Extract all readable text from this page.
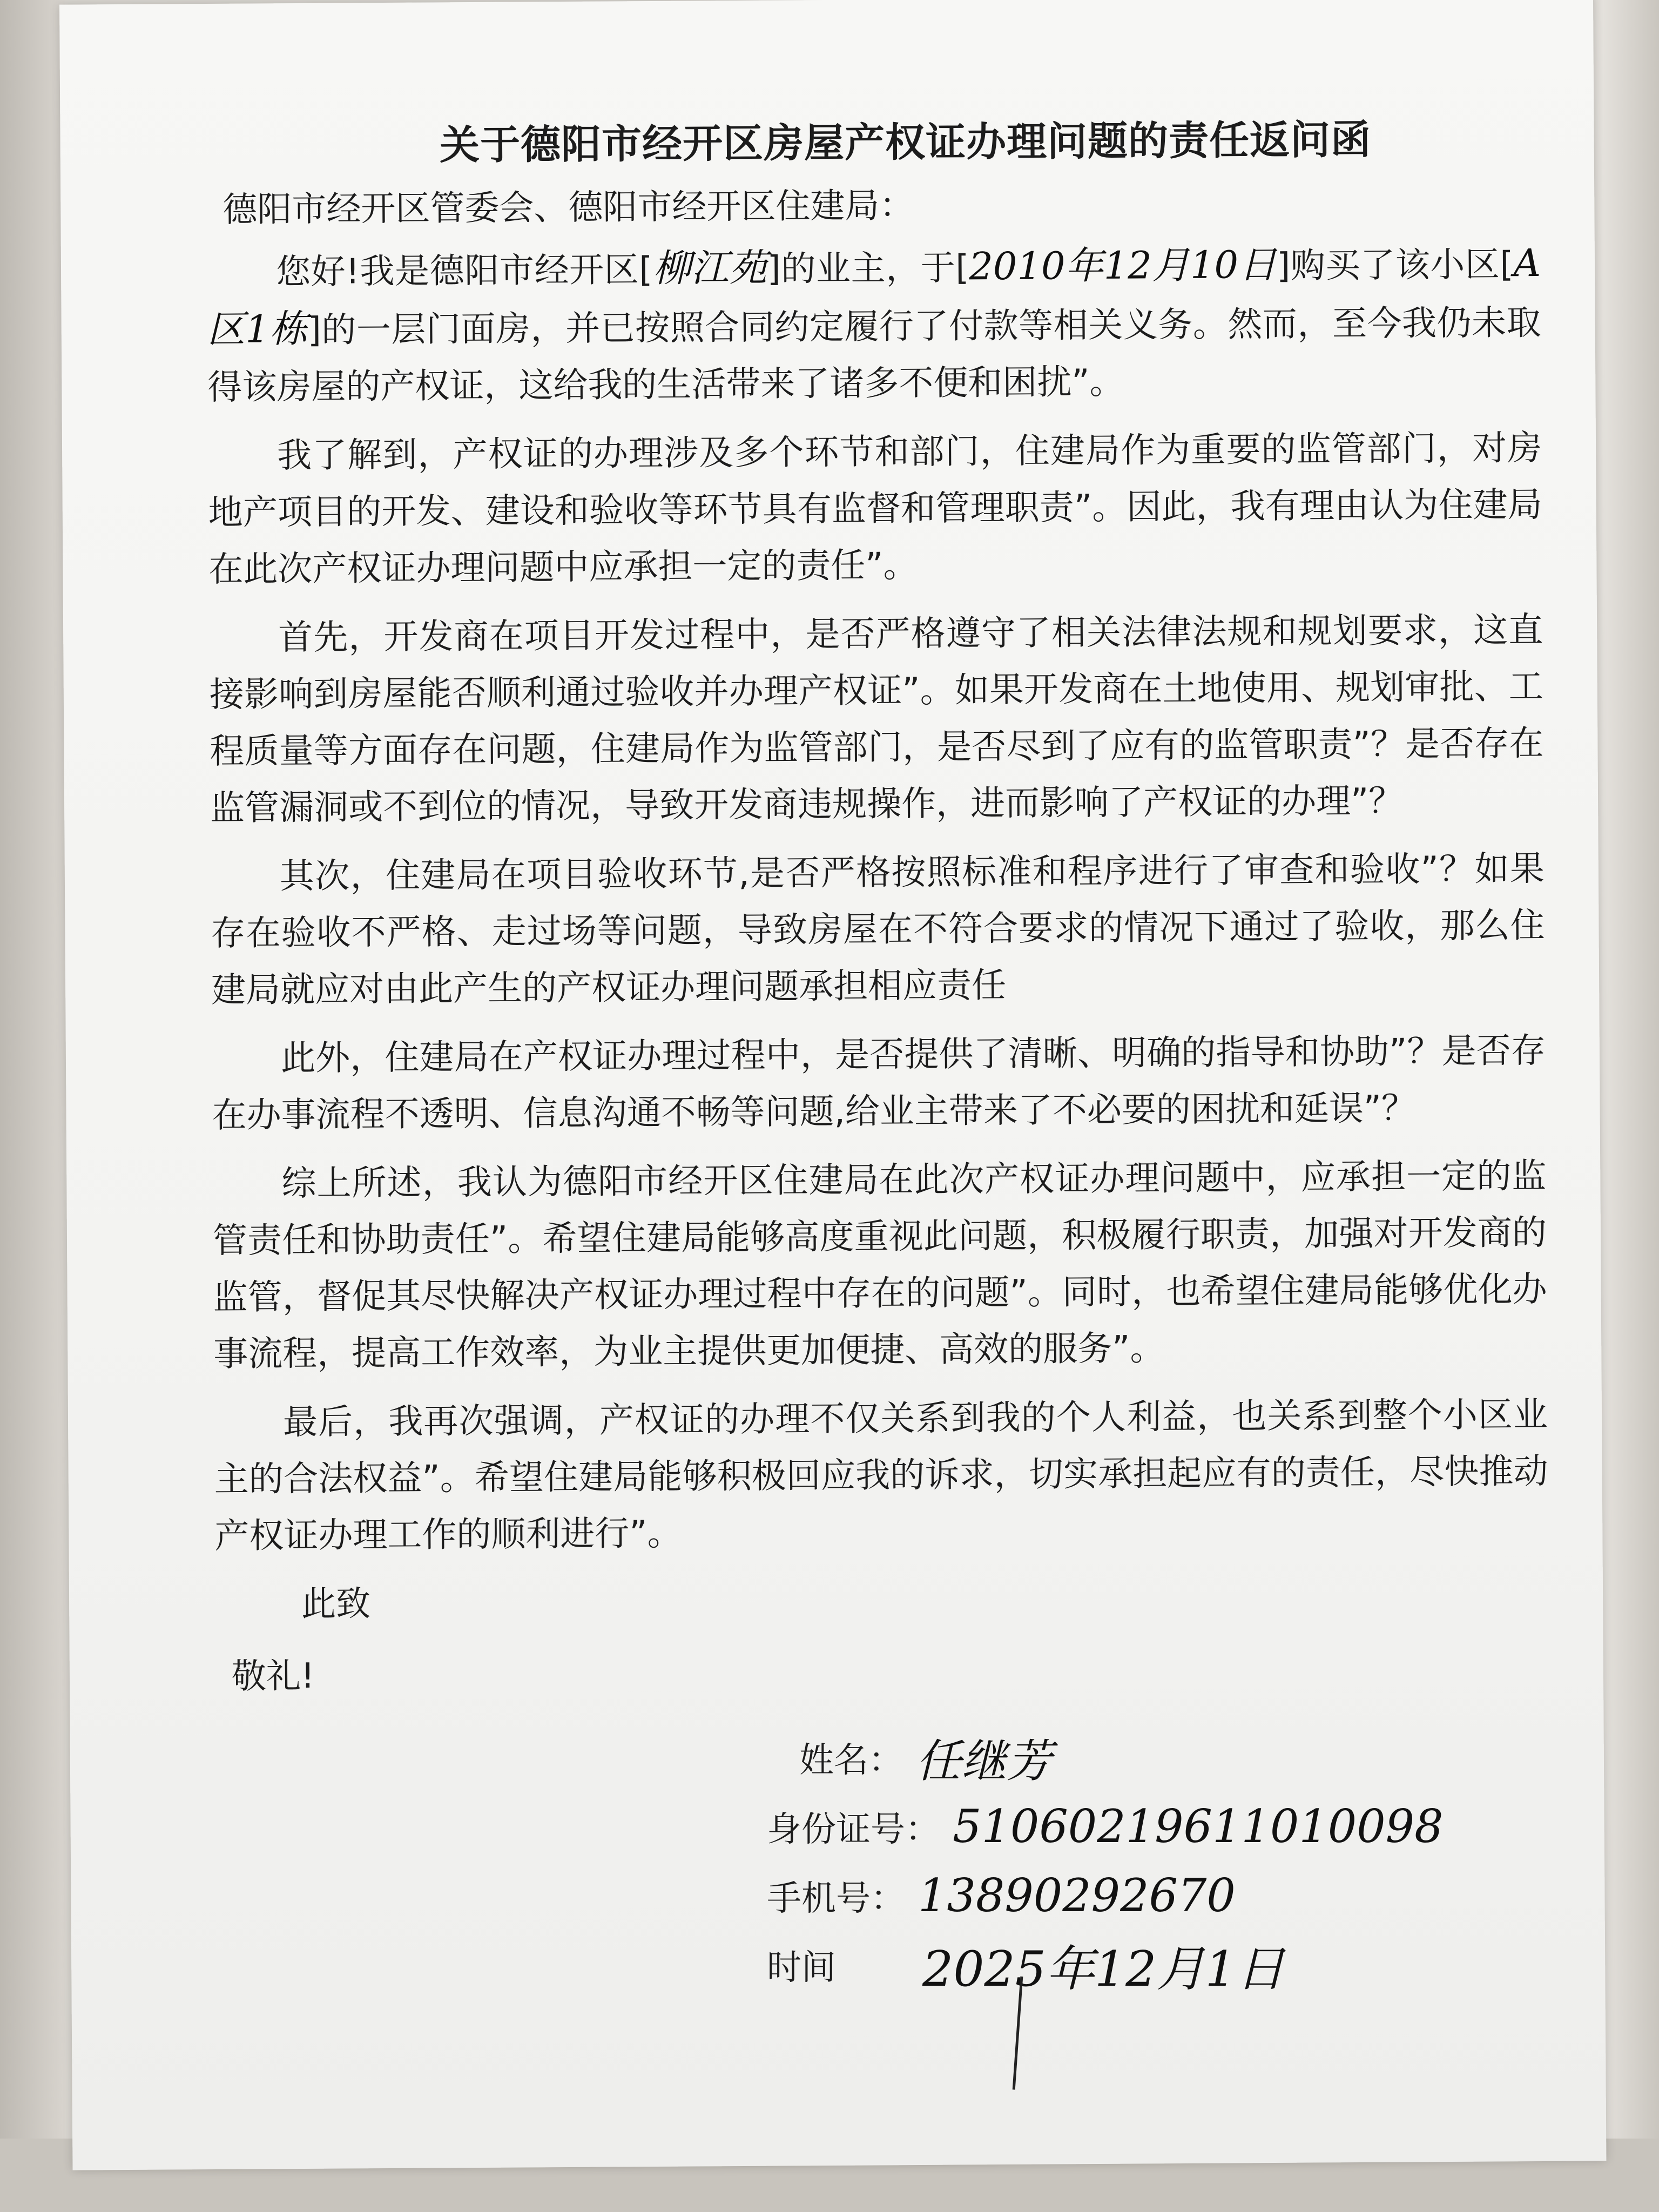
关于德阳市经开区房屋产权证办理问题的责任返问函
德阳市经开区管委会、德阳市经开区住建局：

您好!我是德阳市经开区[柳江苑]的业主，于[2010年12月10日]购买了该小区[A区1栋]的一层门面房，并已按照合同约定履行了付款等相关义务。然而，至今我仍未取得该房屋的产权证，这给我的生活带来了诸多不便和困扰”。

我了解到，产权证的办理涉及多个环节和部门，住建局作为重要的监管部门，对房地产项目的开发、建设和验收等环节具有监督和管理职责”。因此，我有理由认为住建局在此次产权证办理问题中应承担一定的责任”。

首先，开发商在项目开发过程中，是否严格遵守了相关法律法规和规划要求，这直接影响到房屋能否顺利通过验收并办理产权证”。如果开发商在土地使用、规划审批、工程质量等方面存在问题，住建局作为监管部门，是否尽到了应有的监管职责”？是否存在监管漏洞或不到位的情况，导致开发商违规操作，进而影响了产权证的办理”？

其次，住建局在项目验收环节,是否严格按照标准和程序进行了审查和验收”？如果存在验收不严格、走过场等问题，导致房屋在不符合要求的情况下通过了验收，那么住建局就应对由此产生的产权证办理问题承担相应责任

此外，住建局在产权证办理过程中，是否提供了清晰、明确的指导和协助”？是否存在办事流程不透明、信息沟通不畅等问题,给业主带来了不必要的困扰和延误”？

综上所述，我认为德阳市经开区住建局在此次产权证办理问题中，应承担一定的监管责任和协助责任”。希望住建局能够高度重视此问题，积极履行职责，加强对开发商的监管，督促其尽快解决产权证办理过程中存在的问题”。同时，也希望住建局能够优化办事流程，提高工作效率，为业主提供更加便捷、高效的服务”。

最后，我再次强调，产权证的办理不仅关系到我的个人利益，也关系到整个小区业主的合法权益”。希望住建局能够积极回应我的诉求，切实承担起应有的责任，尽快推动产权证办理工作的顺利进行”。

此致
敬礼!
姓名： 任继芳
身份证号： 51060219611010098
手机号： 13890292670
时间 2025年12月1日
